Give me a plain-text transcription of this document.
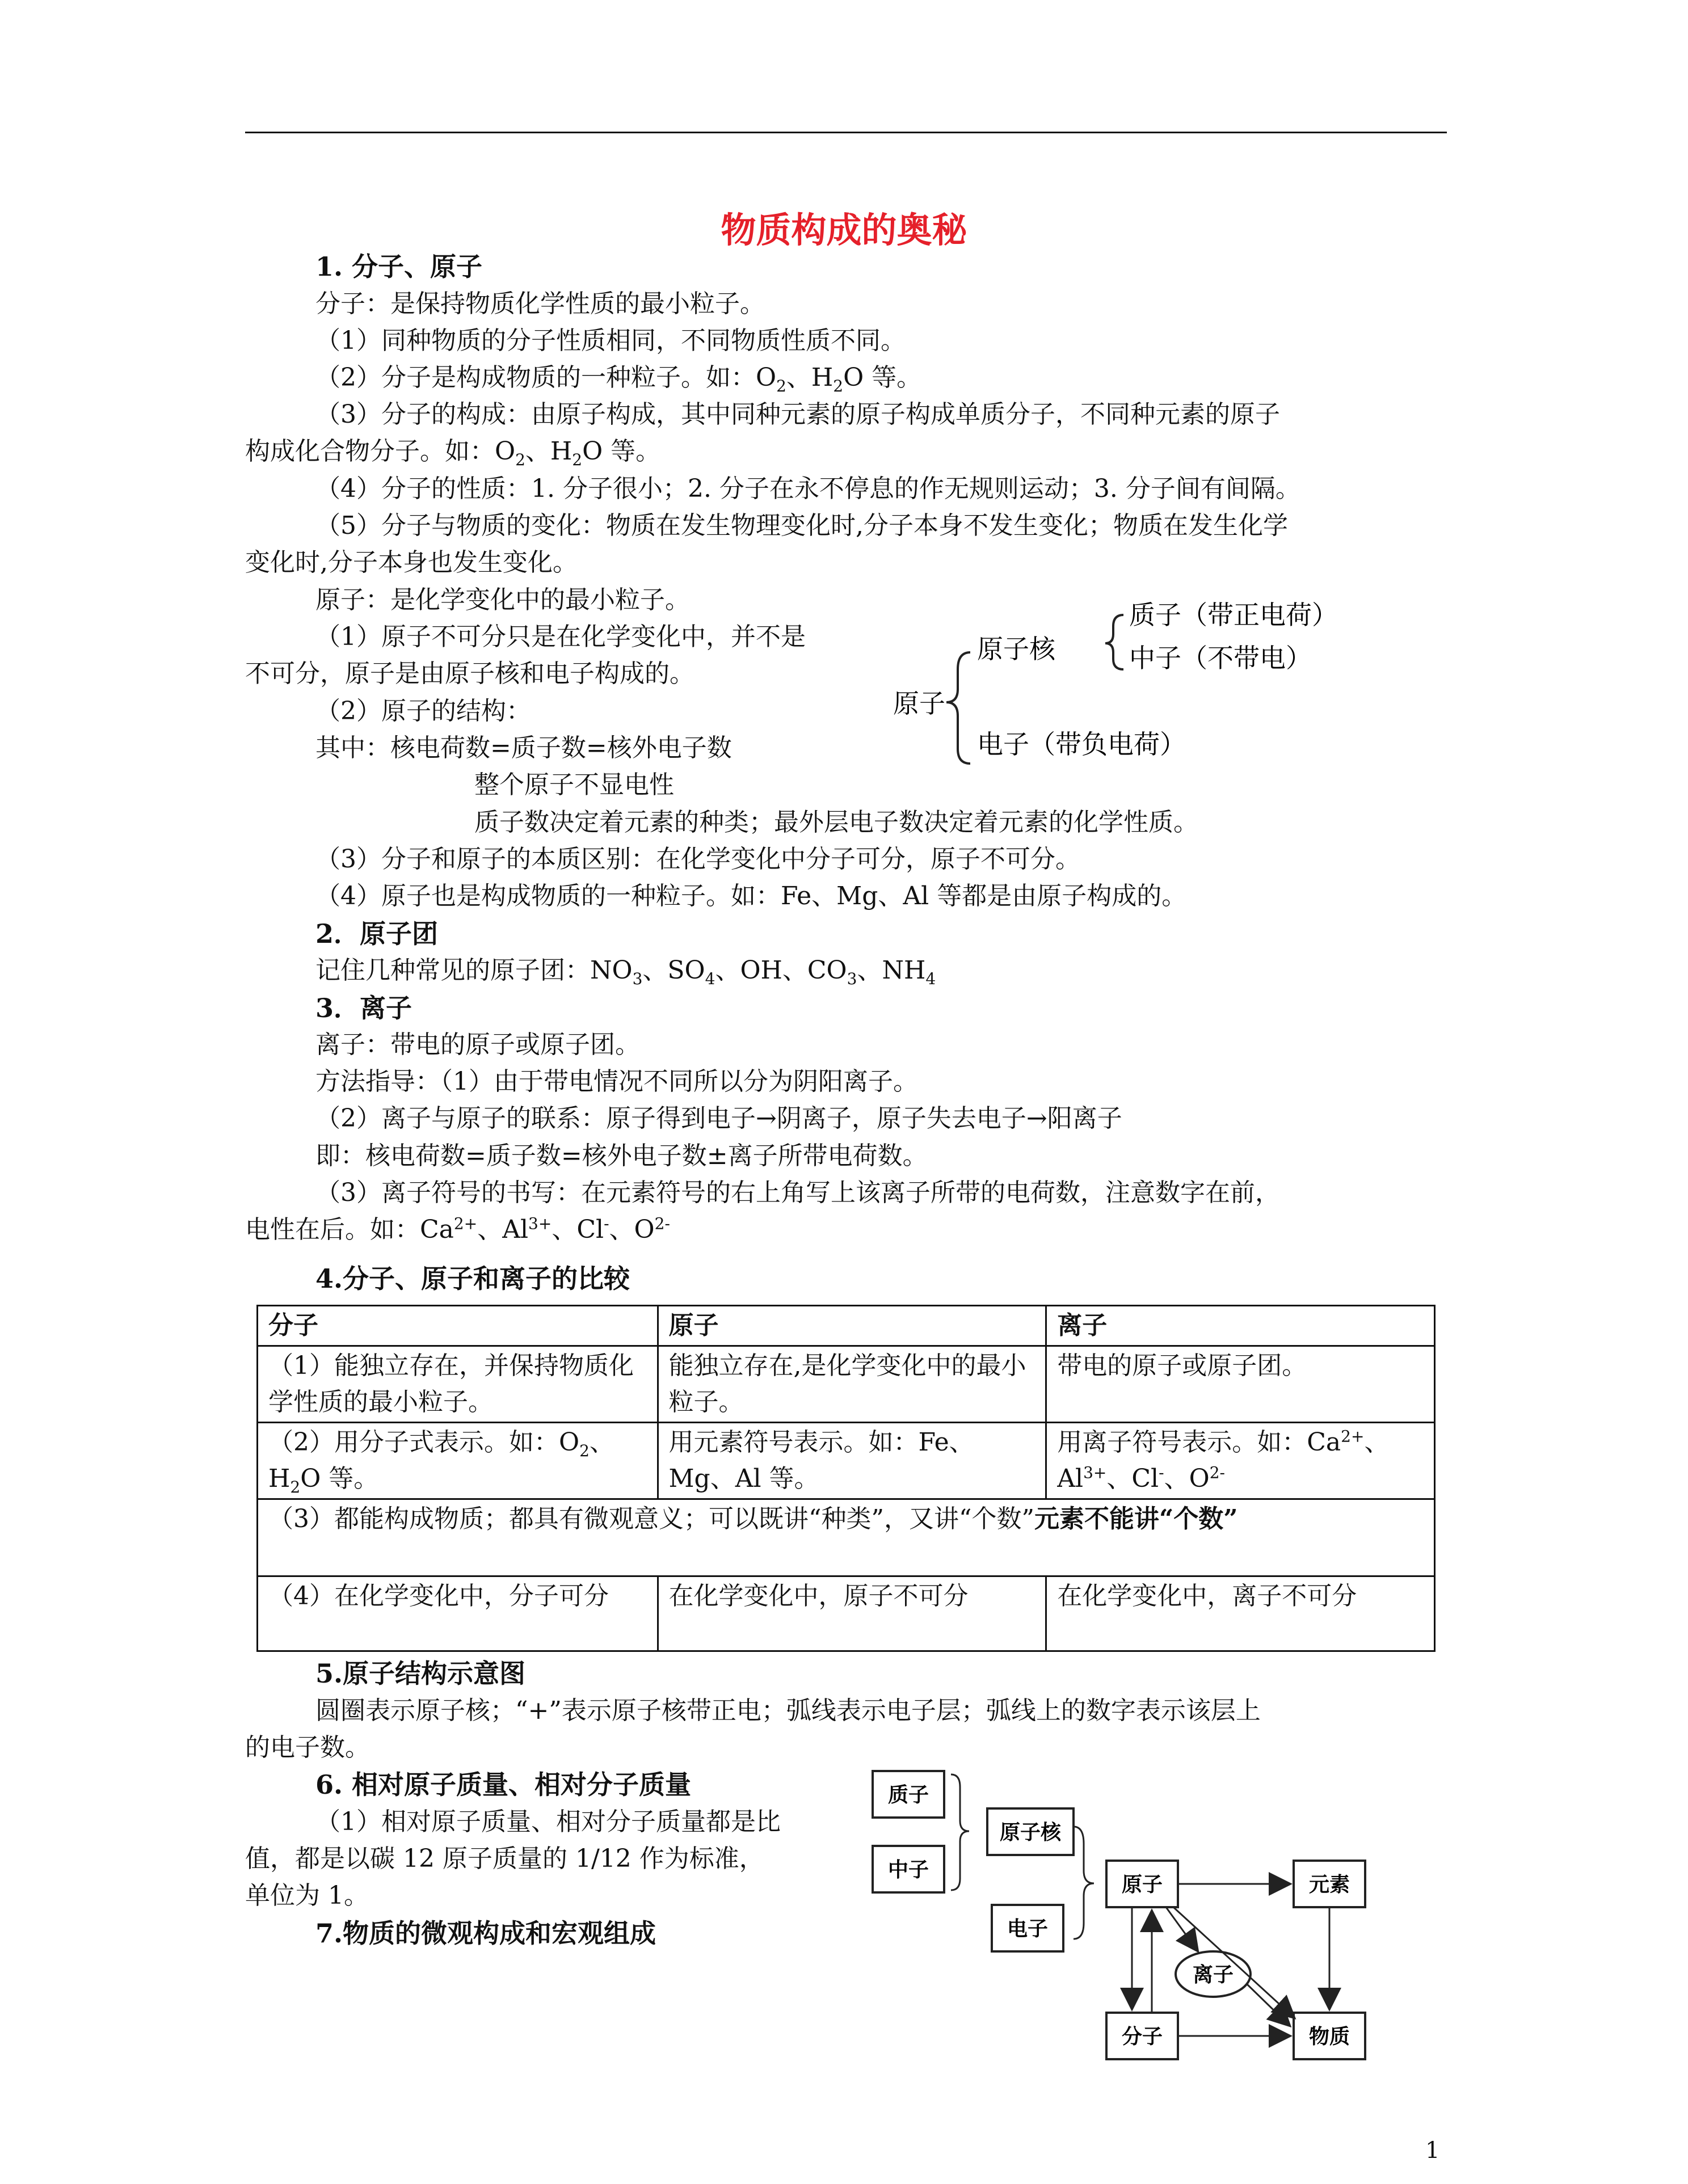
物质构成的奥秘
1. 分子、原子
分子：是保持物质化学性质的最小粒子。
（1）同种物质的分子性质相同，不同物质性质不同。
（2）分子是构成物质的一种粒子。如：$O_2$、$H_2O$ 等。
（3）分子的构成：由原子构成，其中同种元素的原子构成单质分子，不同种元素的原子
构成化合物分子。如：$O_2$、$H_2O$ 等。
（4）分子的性质：1. 分子很小；2. 分子在永不停息的作无规则运动；3. 分子间有间隔。
（5）分子与物质的变化：物质在发生物理变化时,分子本身不发生变化；物质在发生化学
变化时,分子本身也发生变化。
原子：是化学变化中的最小粒子。
（1）原子不可分只是在化学变化中，并不是
不可分，原子是由原子核和电子构成的。
（2）原子的结构：
其中：核电荷数=质子数=核外电子数
整个原子不显电性
质子数决定着元素的种类；最外层电子数决定着元素的化学性质。
（3）分子和原子的本质区别：在化学变化中分子可分，原子不可分。
（4）原子也是构成物质的一种粒子。如：Fe、Mg、Al 等都是由原子构成的。
原子
原子核
质子（带正电荷）
中子（不带电）
电子（带负电荷）
2．原子团
记住几种常见的原子团：$NO_3$、$SO_4$、OH、$CO_3$、$NH_4$
3．离子
离子：带电的原子或原子团。
方法指导：（1）由于带电情况不同所以分为阴阳离子。
（2）离子与原子的联系：原子得到电子→阴离子，原子失去电子→阳离子
即：核电荷数=质子数=核外电子数±离子所带电荷数。
（3）离子符号的书写：在元素符号的右上角写上该离子所带的电荷数，注意数字在前，
电性在后。如：$Ca^{2+}$、$Al^{3+}$、Cl-、$O^{2-}$
4.分子、原子和离子的比较
分子	原子	离子
（1）能独立存在，并保持物质化学性质的最小粒子。	能独立存在,是化学变化中的最小粒子。	带电的原子或原子团。
（2）用分子式表示。如：$O_2$、
$H_2O$ 等。	用元素符号表示。如：Fe、Mg、Al 等。	用离子符号表示。如：$Ca^{2+}$、
$Al^{3+}$、Cl-、$O^{2-}$
（3）都能构成物质；都具有微观意义；可以既讲“种类”，又讲“个数”元素不能讲“个数”		
（4）在化学变化中，分子可分	在化学变化中，原子不可分	在化学变化中，离子不可分
5.原子结构示意图
圆圈表示原子核；“+”表示原子核带正电；弧线表示电子层；弧线上的数字表示该层上
的电子数。
6. 相对原子质量、相对分子质量
（1）相对原子质量、相对分子质量都是比
值，都是以碳 12 原子质量的 1/12 作为标准，
单位为 1。
7.物质的微观构成和宏观组成
质子
中子
原子核
电子
原子	元素
离子
分子	物质
1
